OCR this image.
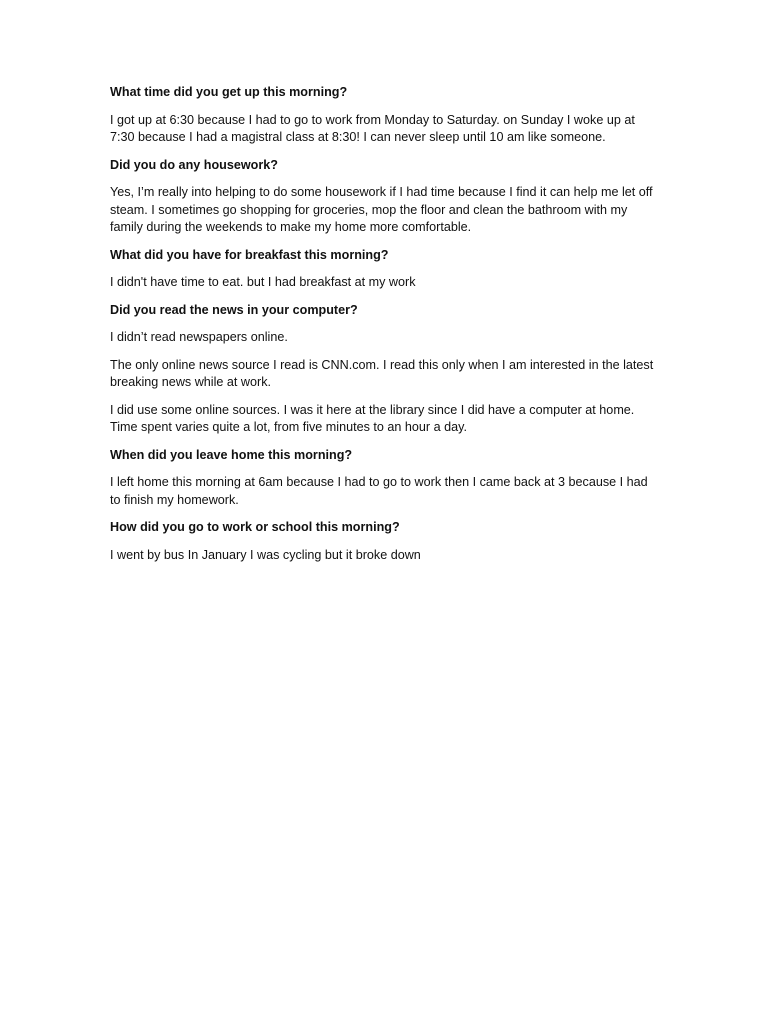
What time did you get up this morning?

I got up at 6:30 because I had to go to work from Monday to Saturday. on Sunday I woke up at 7:30 because I had a magistral class at 8:30! I can never sleep until 10 am like someone.

Did you do any housework?

Yes, I’m really into helping to do some housework if I had time because I find it can help me let off steam. I sometimes go shopping for groceries, mop the floor and clean the bathroom with my family during the weekends to make my home more comfortable.

What did you have for breakfast this morning?

I didn't have time to eat. but I had breakfast at my work

Did you read the news in your computer?

I didn’t read newspapers online.

The only online news source I read is CNN.com. I read this only when I am interested in the latest breaking news while at work.

I did use some online sources. I was it here at the library since I did have a computer at home. Time spent varies quite a lot, from five minutes to an hour a day.

When did you leave home this morning?

I left home this morning at 6am because I had to go to work then I came back at 3 because I had to finish my homework.

How did you go to work or school this morning?

I went by bus In January I was cycling but it broke down
